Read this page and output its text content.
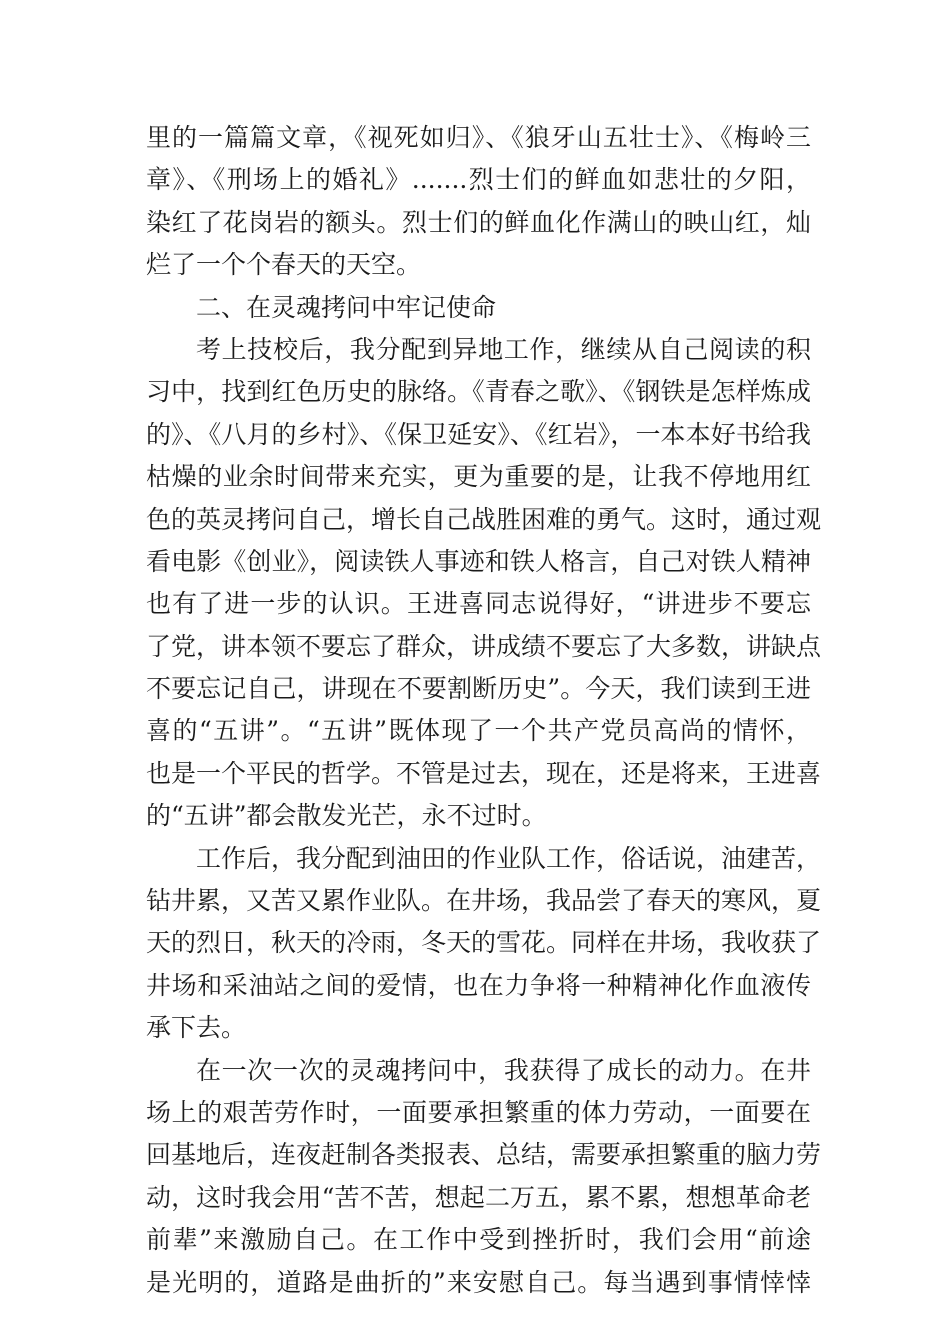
里的一篇篇文章，《视死如归》、《狼牙山五壮士》、《梅岭三
章》、《刑场上的婚礼》.......烈士们的鲜血如悲壮的夕阳，
染红了花岗岩的额头。烈士们的鲜血化作满山的映山红，灿
烂了一个个春天的天空。
二、在灵魂拷问中牢记使命
考上技校后，我分配到异地工作，继续从自己阅读的积
习中，找到红色历史的脉络。《青春之歌》、《钢铁是怎样炼成
的》、《八月的乡村》、《保卫延安》、《红岩》，一本本好书给我
枯燥的业余时间带来充实，更为重要的是，让我不停地用红
色的英灵拷问自己，增长自己战胜困难的勇气。这时，通过观
看电影《创业》，阅读铁人事迹和铁人格言，自己对铁人精神
也有了进一步的认识。王进喜同志说得好，“讲进步不要忘
了党，讲本领不要忘了群众，讲成绩不要忘了大多数，讲缺点
不要忘记自己，讲现在不要割断历史”。今天，我们读到王进
喜的“五讲”。“五讲”既体现了一个共产党员高尚的情怀，
也是一个平民的哲学。不管是过去，现在，还是将来，王进喜
的“五讲”都会散发光芒，永不过时。
工作后，我分配到油田的作业队工作，俗话说，油建苦，
钻井累，又苦又累作业队。在井场，我品尝了春天的寒风，夏
天的烈日，秋天的冷雨，冬天的雪花。同样在井场，我收获了
井场和采油站之间的爱情，也在力争将一种精神化作血液传
承下去。
在一次一次的灵魂拷问中，我获得了成长的动力。在井
场上的艰苦劳作时，一面要承担繁重的体力劳动，一面要在
回基地后，连夜赶制各类报表、总结，需要承担繁重的脑力劳
动，这时我会用“苦不苦，想起二万五，累不累，想想革命老
前辈”来激励自己。在工作中受到挫折时，我们会用“前途
是光明的，道路是曲折的”来安慰自己。每当遇到事情悻悻
